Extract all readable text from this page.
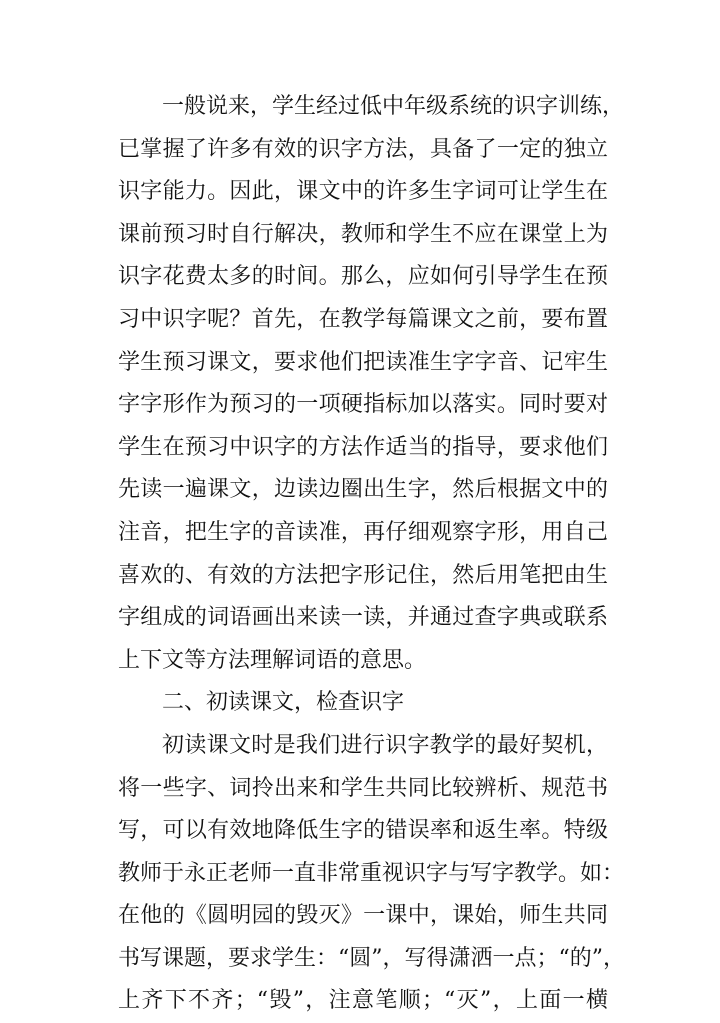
一般说来，学生经过低中年级系统的识字训练，
已掌握了许多有效的识字方法，具备了一定的独立
识字能力。因此，课文中的许多生字词可让学生在
课前预习时自行解决，教师和学生不应在课堂上为
识字花费太多的时间。那么，应如何引导学生在预
习中识字呢？首先，在教学每篇课文之前，要布置
学生预习课文，要求他们把读准生字字音、记牢生
字字形作为预习的一项硬指标加以落实。同时要对
学生在预习中识字的方法作适当的指导，要求他们
先读一遍课文，边读边圈出生字，然后根据文中的
注音，把生字的音读准，再仔细观察字形，用自己
喜欢的、有效的方法把字形记住，然后用笔把由生
字组成的词语画出来读一读，并通过查字典或联系
上下文等方法理解词语的意思。
二、初读课文，检查识字
初读课文时是我们进行识字教学的最好契机，
将一些字、词拎出来和学生共同比较辨析、规范书
写，可以有效地降低生字的错误率和返生率。特级
教师于永正老师一直非常重视识字与写字教学。如：
在他的《圆明园的毁灭》一课中，课始，师生共同
书写课题，要求学生：“圆”，写得潇洒一点；“的”，
上齐下不齐；“毁”，注意笔顺；“灭”，上面一横
